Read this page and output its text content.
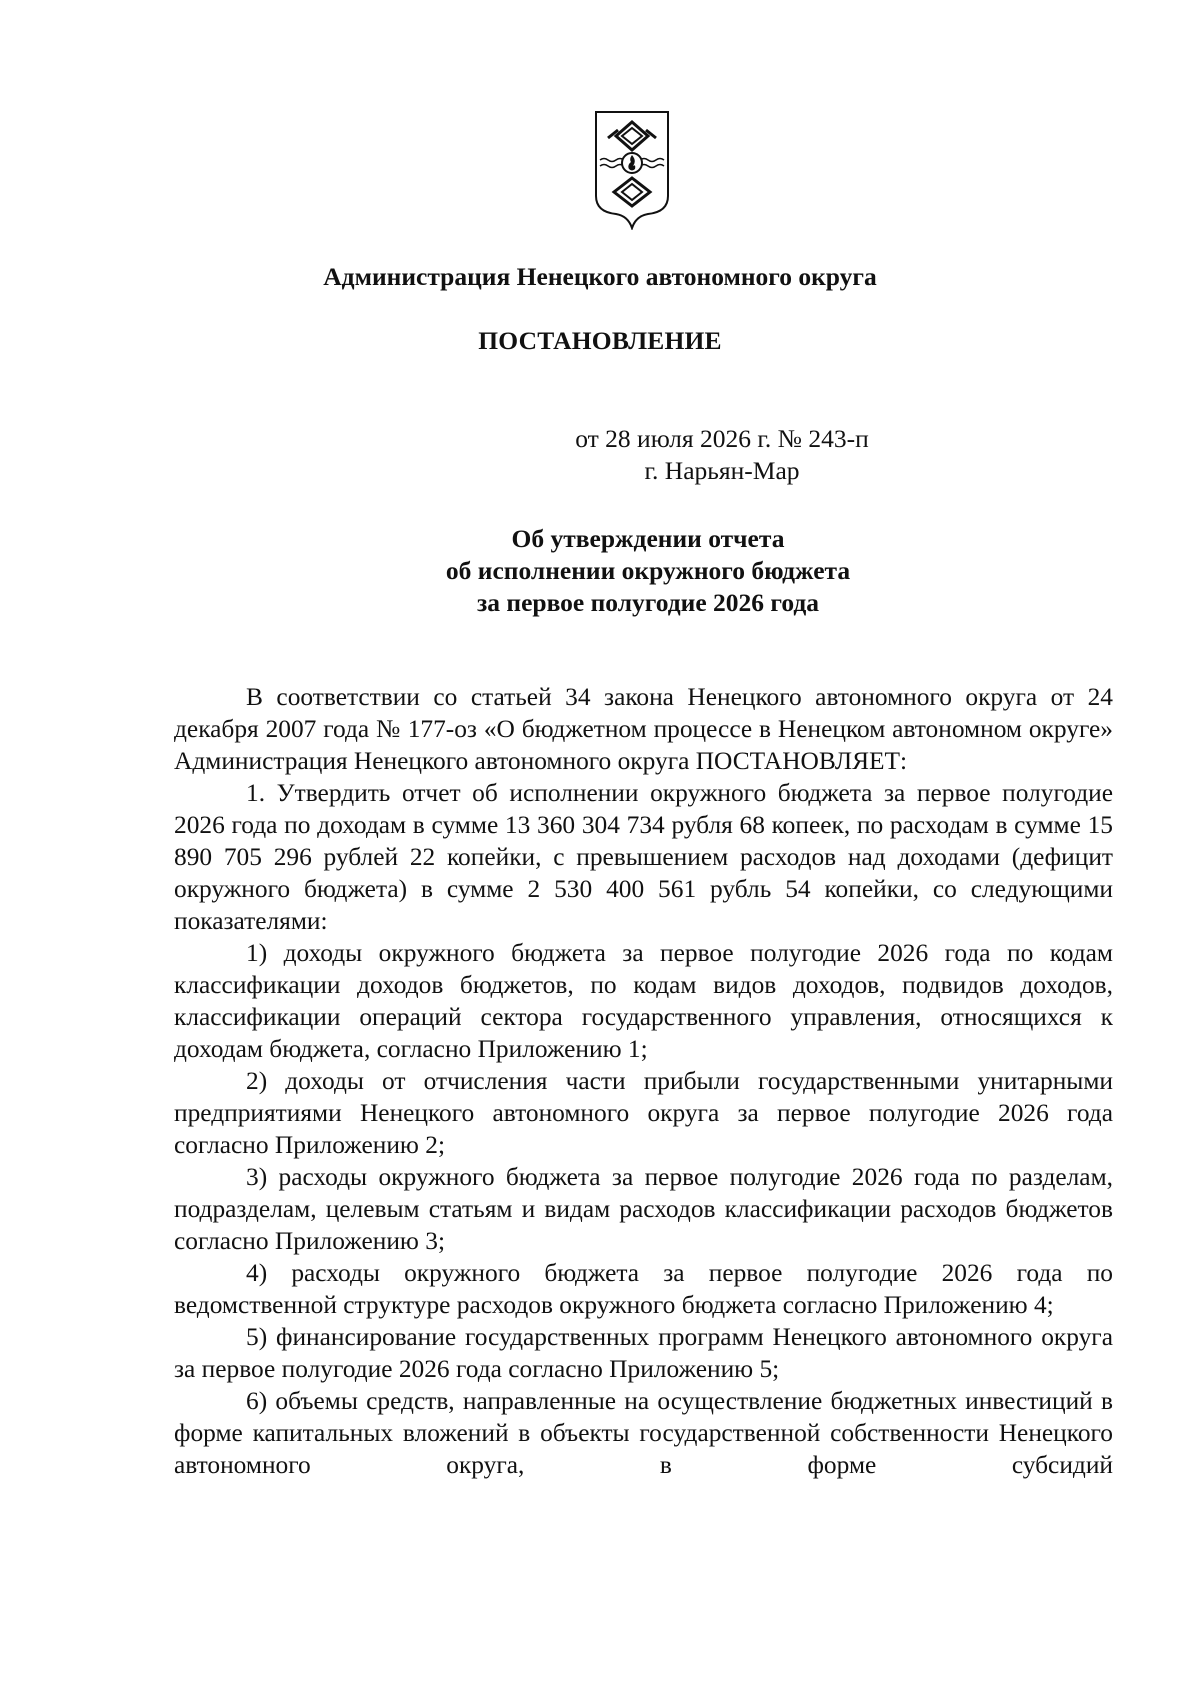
Администрация Ненецкого автономного округа
ПОСТАНОВЛЕНИЕ
от 28 июля 2026 г. № 243-п
г. Нарьян-Мар
Об утверждении отчета
об исполнении окружного бюджета
за первое полугодие 2026 года

В соответствии со статьей 34 закона Ненецкого автономного округа от 24 декабря 2007 года № 177-оз «О бюджетном процессе в Ненецком автономном округе» Администрация Ненецкого автономного округа ПОСТАНОВЛЯЕТ:

1. Утвердить отчет об исполнении окружного бюджета за первое полугодие 2026 года по доходам в сумме 13 360 304 734 рубля 68 копеек, по расходам в сумме 15 890 705 296 рублей 22 копейки, с превышением расходов над доходами (дефицит окружного бюджета) в сумме 2 530 400 561 рубль 54 копейки, со следующими показателями:

1) доходы окружного бюджета за первое полугодие 2026 года по кодам классификации доходов бюджетов, по кодам видов доходов, подвидов доходов, классификации операций сектора государственного управления, относящихся к доходам бюджета, согласно Приложению 1;

2) доходы от отчисления части прибыли государственными унитарными предприятиями Ненецкого автономного округа за первое полугодие 2026 года согласно Приложению 2;

3) расходы окружного бюджета за первое полугодие 2026 года по разделам, подразделам, целевым статьям и видам расходов классификации расходов бюджетов согласно Приложению 3;

4) расходы окружного бюджета за первое полугодие 2026 года по ведомственной структуре расходов окружного бюджета согласно Приложению 4;

5) финансирование государственных программ Ненецкого автономного округа за первое полугодие 2026 года согласно Приложению 5;

6) объемы средств, направленные на осуществление бюджетных инвестиций в форме капитальных вложений в объекты государственной собственности Ненецкого автономного округа, в форме субсидий
